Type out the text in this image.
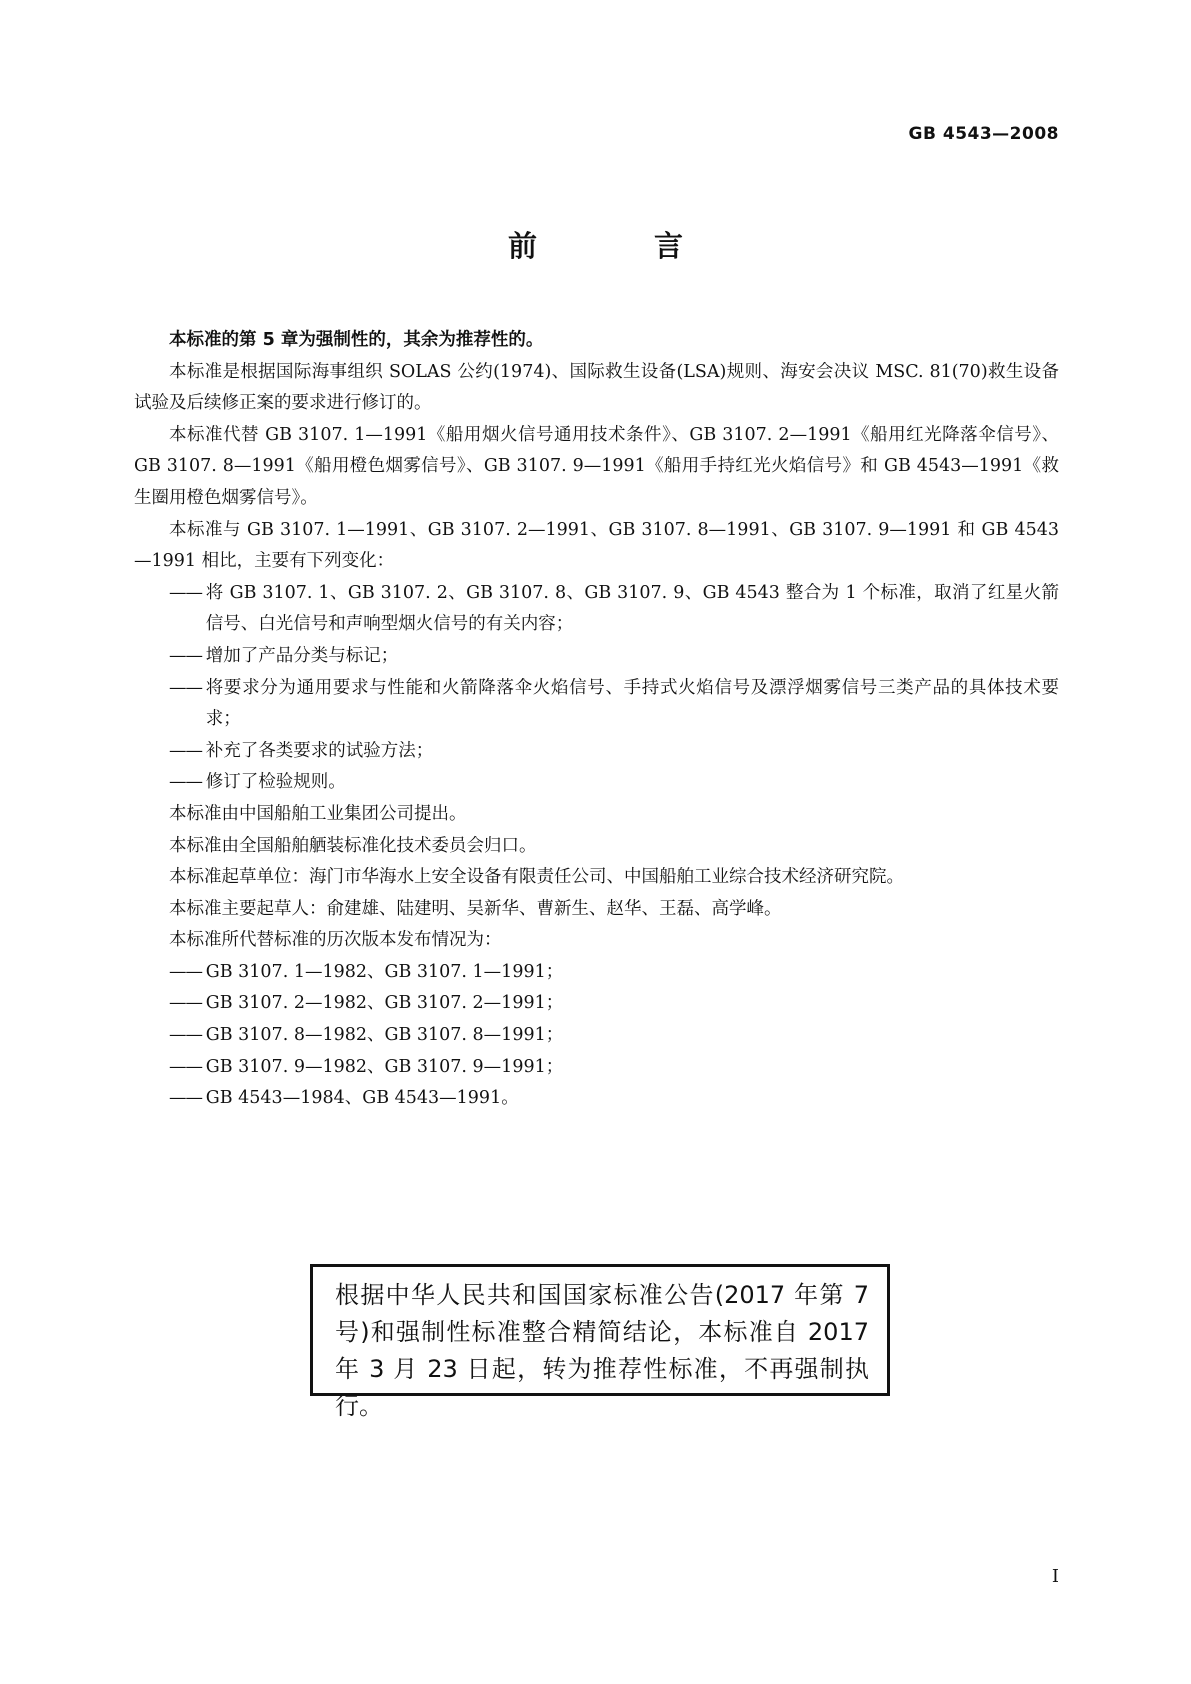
GB 4543—2008
前　言

本标准的第 5 章为强制性的，其余为推荐性的。

本标准是根据国际海事组织 SOLAS 公约(1974)、国际救生设备(LSA)规则、海安会决议 MSC. 81(70)救生设备试验及后续修正案的要求进行修订的。

本标准代替 GB 3107. 1—1991《船用烟火信号通用技术条件》、GB 3107. 2—1991《船用红光降落伞信号》、GB 3107. 8—1991《船用橙色烟雾信号》、GB 3107. 9—1991《船用手持红光火焰信号》和 GB 4543—1991《救生圈用橙色烟雾信号》。

本标准与 GB 3107. 1—1991、GB 3107. 2—1991、GB 3107. 8—1991、GB 3107. 9—1991 和 GB 4543—1991 相比，主要有下列变化：

—— 将 GB 3107. 1、GB 3107. 2、GB 3107. 8、GB 3107. 9、GB 4543 整合为 1 个标准，取消了红星火箭信号、白光信号和声响型烟火信号的有关内容；

—— 增加了产品分类与标记；

—— 将要求分为通用要求与性能和火箭降落伞火焰信号、手持式火焰信号及漂浮烟雾信号三类产品的具体技术要求；

—— 补充了各类要求的试验方法；

—— 修订了检验规则。

本标准由中国船舶工业集团公司提出。

本标准由全国船舶舾装标准化技术委员会归口。

本标准起草单位：海门市华海水上安全设备有限责任公司、中国船舶工业综合技术经济研究院。

本标准主要起草人：俞建雄、陆建明、吴新华、曹新生、赵华、王磊、高学峰。

本标准所代替标准的历次版本发布情况为：

—— GB 3107. 1—1982、GB 3107. 1—1991；

—— GB 3107. 2—1982、GB 3107. 2—1991；

—— GB 3107. 8—1982、GB 3107. 8—1991；

—— GB 3107. 9—1982、GB 3107. 9—1991；

—— GB 4543—1984、GB 4543—1991。

根据中华人民共和国国家标准公告(2017 年第 7 号)和强制性标准整合精简结论，本标准自 2017 年 3 月 23 日起，转为推荐性标准，不再强制执行。
I
